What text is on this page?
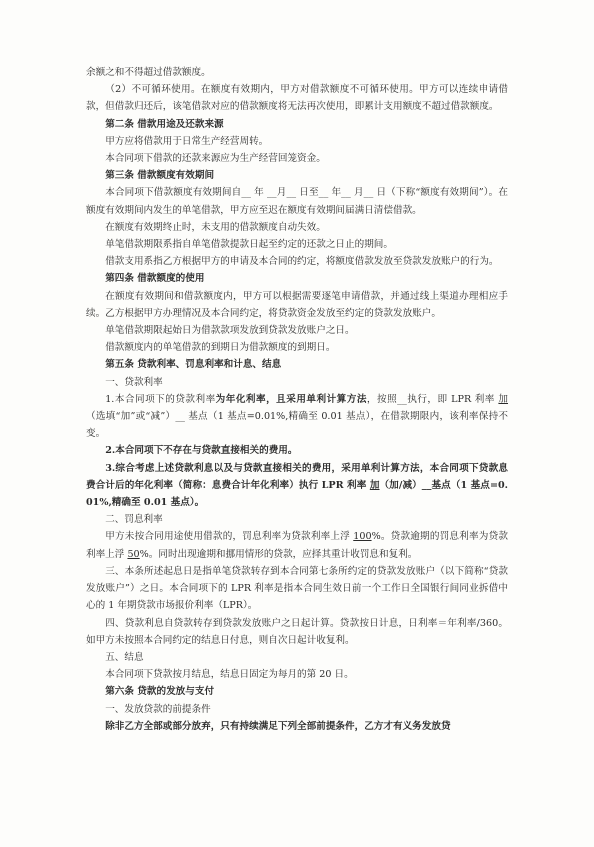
余额之和不得超过借款额度。

（2）不可循环使用。在额度有效期内，甲方对借款额度不可循环使用。甲方可以连续申请借款，但借款归还后，该笔借款对应的借款额度将无法再次使用，即累计支用额度不超过借款额度。

第二条 借款用途及还款来源

甲方应将借款用于日常生产经营周转。

本合同项下借款的还款来源应为生产经营回笼资金。

第三条 借款额度有效期间

本合同项下借款额度有效期间自__ 年 __月__ 日至__ 年__ 月__ 日（下称“额度有效期间”）。在额度有效期间内发生的单笔借款，甲方应至迟在额度有效期间届满日清偿借款。

在额度有效期终止时，未支用的借款额度自动失效。

单笔借款期限系指自单笔借款提款日起至约定的还款之日止的期间。

借款支用系指乙方根据甲方的申请及本合同的约定，将额度借款发放至贷款发放账户的行为。

第四条 借款额度的使用

在额度有效期间和借款额度内，甲方可以根据需要逐笔申请借款，并通过线上渠道办理相应手续。乙方根据甲方办理情况及本合同约定，将贷款资金发放至约定的贷款发放账户。

单笔借款期限起始日为借款款项发放到贷款发放账户之日。

借款额度内的单笔借款的到期日为借款额度的到期日。

第五条 贷款利率、罚息利率和计息、结息

一、贷款利率

1.本合同项下的贷款利率为年化利率，且采用单利计算方法，按照__执行，即 LPR 利率 加（选填“加”或“减”）__ 基点（1 基点=0.01%,精确至 0.01 基点），在借款期限内，该利率保持不变。

2.本合同项下不存在与贷款直接相关的费用。

3.综合考虑上述贷款利息以及与贷款直接相关的费用，采用单利计算方法，本合同项下贷款息费合计后的年化利率（简称：息费合计年化利率）执行 LPR 利率 加（加/减）__基点（1 基点=0.01%,精确至 0.01 基点）。

二、罚息利率

甲方未按合同用途使用借款的，罚息利率为贷款利率上浮 100%。贷款逾期的罚息利率为贷款利率上浮 50%。同时出现逾期和挪用情形的贷款，应择其重计收罚息和复利。

三、本条所述起息日是指单笔贷款转存到本合同第七条所约定的贷款发放账户（以下简称“贷款发放账户”）之日。本合同项下的 LPR 利率是指本合同生效日前一个工作日全国银行间同业拆借中心的 1 年期贷款市场报价利率（LPR）。

四、贷款利息自贷款转存到贷款发放账户之日起计算。贷款按日计息，日利率＝年利率/360。如甲方未按照本合同约定的结息日付息，则自次日起计收复利。

五、结息

本合同项下贷款按月结息，结息日固定为每月的第 20 日。

第六条 贷款的发放与支付

一、发放贷款的前提条件

除非乙方全部或部分放弃，只有持续满足下列全部前提条件，乙方才有义务发放贷
